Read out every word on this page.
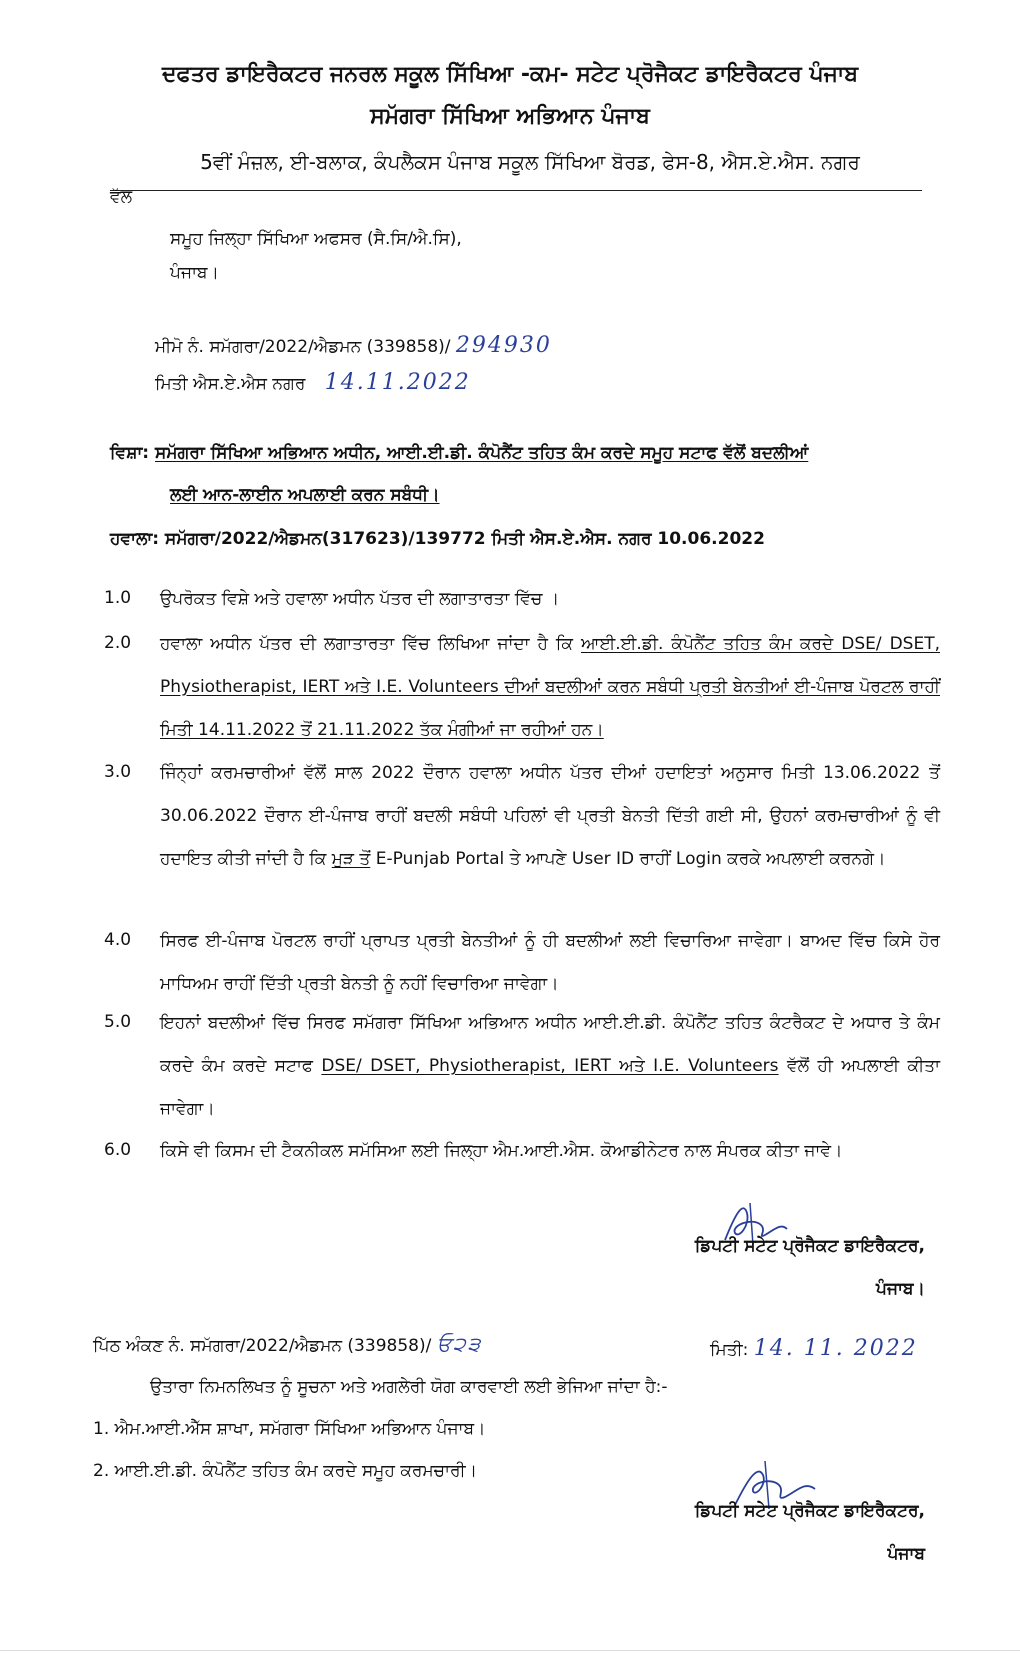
ਦਫਤਰ ਡਾਇਰੈਕਟਰ ਜਨਰਲ ਸਕੂਲ ਸਿੱਖਿਆ -ਕਮ- ਸਟੇਟ ਪ੍ਰੋਜੈਕਟ ਡਾਇਰੈਕਟਰ ਪੰਜਾਬ
ਸਮੱਗਰਾ ਸਿੱਖਿਆ ਅਭਿਆਨ ਪੰਜਾਬ
5ਵੀਂ ਮੰਜ਼ਲ, ਈ-ਬਲਾਕ, ਕੰਪਲੈਕਸ ਪੰਜਾਬ ਸਕੂਲ ਸਿੱਖਿਆ ਬੋਰਡ, ਫੇਸ-8, ਐਸ.ਏ.ਐਸ. ਨਗਰ
ਵੱਲ
ਸਮੂਹ ਜਿਲ੍ਹਾ ਸਿੱਖਿਆ ਅਫਸਰ (ਸੈ.ਸਿ/ਐ.ਸਿ),
ਪੰਜਾਬ।
ਮੀਮੋ ਨੰ. ਸਮੱਗਰਾ/2022/ਐਡਮਨ (339858)/ 294930
ਮਿਤੀ ਐਸ.ਏ.ਐਸ ਨਗਰ 14.11.2022
ਵਿਸ਼ਾ: ਸਮੱਗਰਾ ਸਿੱਖਿਆ ਅਭਿਆਨ ਅਧੀਨ, ਆਈ.ਈ.ਡੀ. ਕੰਪੋਨੈਂਟ ਤਹਿਤ ਕੰਮ ਕਰਦੇ ਸਮੂਹ ਸਟਾਫ ਵੱਲੋਂ ਬਦਲੀਆਂ
ਲਈ ਆਨ-ਲਾਈਨ ਅਪਲਾਈ ਕਰਨ ਸਬੰਧੀ।
ਹਵਾਲਾ: ਸਮੱਗਰਾ/2022/ਐਡਮਨ(317623)/139772 ਮਿਤੀ ਐਸ.ਏ.ਐਸ. ਨਗਰ 10.06.2022
1.0	ਉਪਰੋਕਤ ਵਿਸ਼ੇ ਅਤੇ ਹਵਾਲਾ ਅਧੀਨ ਪੱਤਰ ਦੀ ਲਗਾਤਾਰਤਾ ਵਿੱਚ ।
2.0	ਹਵਾਲਾ ਅਧੀਨ ਪੱਤਰ ਦੀ ਲਗਾਤਾਰਤਾ ਵਿੱਚ ਲਿਖਿਆ ਜਾਂਦਾ ਹੈ ਕਿ ਆਈ.ਈ.ਡੀ. ਕੰਪੋਨੈਂਟ ਤਹਿਤ ਕੰਮ ਕਰਦੇ DSE/ DSET, Physiotherapist, IERT ਅਤੇ I.E. Volunteers ਦੀਆਂ ਬਦਲੀਆਂ ਕਰਨ ਸਬੰਧੀ ਪ੍ਰਤੀ ਬੇਨਤੀਆਂ ਈ-ਪੰਜਾਬ ਪੋਰਟਲ ਰਾਹੀਂ ਮਿਤੀ 14.11.2022 ਤੋਂ 21.11.2022 ਤੱਕ ਮੰਗੀਆਂ ਜਾ ਰਹੀਆਂ ਹਨ।
3.0	ਜਿੰਨ੍ਹਾਂ ਕਰਮਚਾਰੀਆਂ ਵੱਲੋਂ ਸਾਲ 2022 ਦੌਰਾਨ ਹਵਾਲਾ ਅਧੀਨ ਪੱਤਰ ਦੀਆਂ ਹਦਾਇਤਾਂ ਅਨੁਸਾਰ ਮਿਤੀ 13.06.2022 ਤੋਂ 30.06.2022 ਦੌਰਾਨ ਈ-ਪੰਜਾਬ ਰਾਹੀਂ ਬਦਲੀ ਸਬੰਧੀ ਪਹਿਲਾਂ ਵੀ ਪ੍ਰਤੀ ਬੇਨਤੀ ਦਿੱਤੀ ਗਈ ਸੀ, ਉਹਨਾਂ ਕਰਮਚਾਰੀਆਂ ਨੂੰ ਵੀ ਹਦਾਇਤ ਕੀਤੀ ਜਾਂਦੀ ਹੈ ਕਿ ਮੁੜ ਤੋਂ E-Punjab Portal ਤੇ ਆਪਣੇ User ID ਰਾਹੀਂ Login ਕਰਕੇ ਅਪਲਾਈ ਕਰਨਗੇ।
4.0	ਸਿਰਫ ਈ-ਪੰਜਾਬ ਪੋਰਟਲ ਰਾਹੀਂ ਪ੍ਰਾਪਤ ਪ੍ਰਤੀ ਬੇਨਤੀਆਂ ਨੂੰ ਹੀ ਬਦਲੀਆਂ ਲਈ ਵਿਚਾਰਿਆ ਜਾਵੇਗਾ। ਬਾਅਦ ਵਿੱਚ ਕਿਸੇ ਹੋਰ ਮਾਧਿਅਮ ਰਾਹੀਂ ਦਿੱਤੀ ਪ੍ਰਤੀ ਬੇਨਤੀ ਨੂੰ ਨਹੀਂ ਵਿਚਾਰਿਆ ਜਾਵੇਗਾ।
5.0	ਇਹਨਾਂ ਬਦਲੀਆਂ ਵਿੱਚ ਸਿਰਫ ਸਮੱਗਰਾ ਸਿੱਖਿਆ ਅਭਿਆਨ ਅਧੀਨ ਆਈ.ਈ.ਡੀ. ਕੰਪੋਨੈਂਟ ਤਹਿਤ ਕੰਟਰੈਕਟ ਦੇ ਅਧਾਰ ਤੇ ਕੰਮ ਕਰਦੇ ਕੰਮ ਕਰਦੇ ਸਟਾਫ DSE/ DSET, Physiotherapist, IERT ਅਤੇ I.E. Volunteers ਵੱਲੋਂ ਹੀ ਅਪਲਾਈ ਕੀਤਾ ਜਾਵੇਗਾ।
6.0	ਕਿਸੇ ਵੀ ਕਿਸਮ ਦੀ ਟੈਕਨੀਕਲ ਸਮੱਸਿਆ ਲਈ ਜਿਲ੍ਹਾ ਐਮ.ਆਈ.ਐਸ. ਕੋਆਡੀਨੇਟਰ ਨਾਲ ਸੰਪਰਕ ਕੀਤਾ ਜਾਵੇ।
ਡਿਪਟੀ ਸਟੇਟ ਪ੍ਰੋਜੈਕਟ ਡਾਇਰੈਕਟਰ,
ਪੰਜਾਬ।
ਪਿੱਠ ਅੰਕਣ ਨੰ. ਸਮੱਗਰਾ/2022/ਐਡਮਨ (339858)/ ਓ੨੩	ਮਿਤੀ: 14. 11. 2022
ਉਤਾਰਾ ਨਿਮਨਲਿਖਤ ਨੂੰ ਸੂਚਨਾ ਅਤੇ ਅਗਲੇਰੀ ਯੋਗ ਕਾਰਵਾਈ ਲਈ ਭੇਜਿਆ ਜਾਂਦਾ ਹੈ:-
1. ਐਮ.ਆਈ.ਐੱਸ ਸ਼ਾਖਾ, ਸਮੱਗਰਾ ਸਿੱਖਿਆ ਅਭਿਆਨ ਪੰਜਾਬ।
2. ਆਈ.ਈ.ਡੀ. ਕੰਪੋਨੈਂਟ ਤਹਿਤ ਕੰਮ ਕਰਦੇ ਸਮੂਹ ਕਰਮਚਾਰੀ।
ਡਿਪਟੀ ਸਟੇਟ ਪ੍ਰੋਜੈਕਟ ਡਾਇਰੈਕਟਰ,
ਪੰਜਾਬ
